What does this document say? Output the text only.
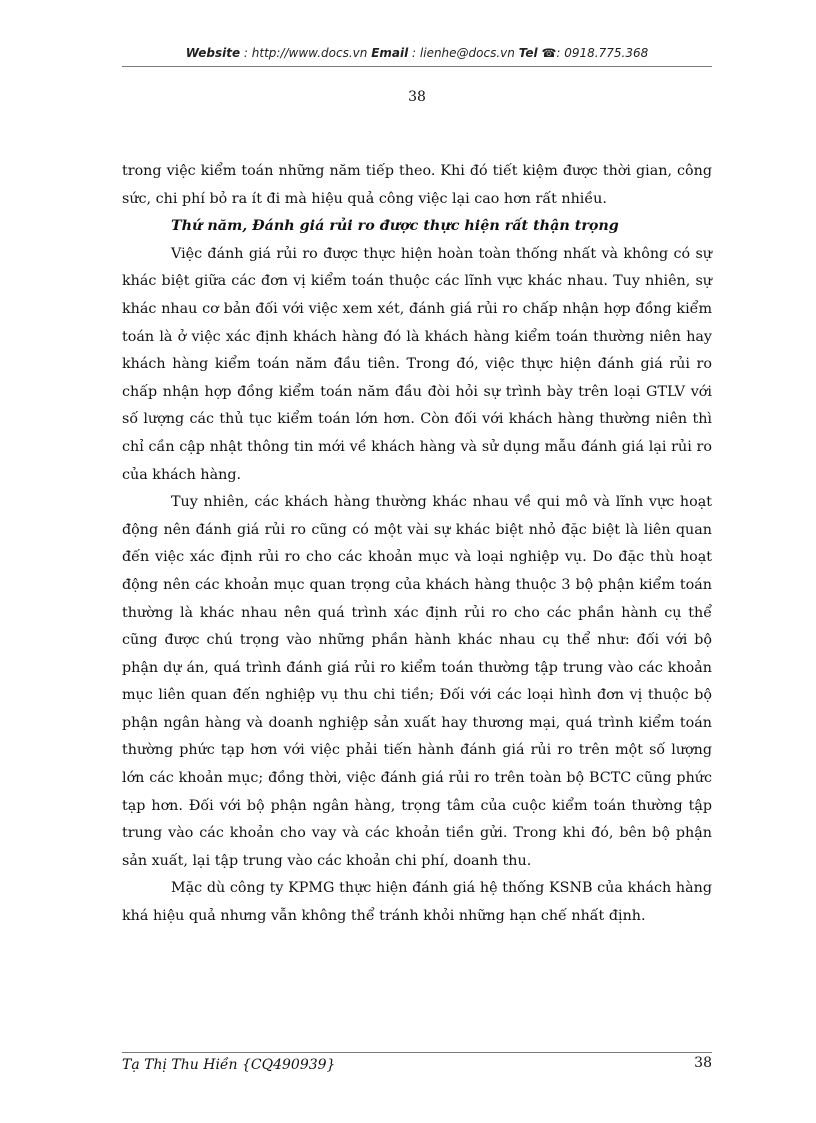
Website : http://www.docs.vn Email : lienhe@docs.vn Tel ☎: 0918.775.368
38

trong việc kiểm toán những năm tiếp theo. Khi đó tiết kiệm được thời gian, công sức, chi phí bỏ ra ít đi mà hiệu quả công việc lại cao hơn rất nhiều.

Thứ năm, Đánh giá rủi ro được thực hiện rất thận trọng

Việc đánh giá rủi ro được thực hiện hoàn toàn thống nhất và không có sự khác biệt giữa các đơn vị kiểm toán thuộc các lĩnh vực khác nhau. Tuy nhiên, sự khác nhau cơ bản đối với việc xem xét, đánh giá rủi ro chấp nhận hợp đồng kiểm toán là ở việc xác định khách hàng đó là khách hàng kiểm toán thường niên hay khách hàng kiểm toán năm đầu tiên. Trong đó, việc thực hiện đánh giá rủi ro chấp nhận hợp đồng kiểm toán năm đầu đòi hỏi sự trình bày trên loại GTLV với số lượng các thủ tục kiểm toán lớn hơn. Còn đối với khách hàng thường niên thì chỉ cần cập nhật thông tin mới về khách hàng và sử dụng mẫu đánh giá lại rủi ro của khách hàng.

Tuy nhiên, các khách hàng thường khác nhau về qui mô và lĩnh vực hoạt động nên đánh giá rủi ro cũng có một vài sự khác biệt nhỏ đặc biệt là liên quan đến việc xác định rủi ro cho các khoản mục và loại nghiệp vụ. Do đặc thù hoạt động nên các khoản mục quan trọng của khách hàng thuộc 3 bộ phận kiểm toán thường là khác nhau nên quá trình xác định rủi ro cho các phần hành cụ thể cũng được chú trọng vào những phần hành khác nhau cụ thể như: đối với bộ phận dự án, quá trình đánh giá rủi ro kiểm toán thường tập trung vào các khoản mục liên quan đến nghiệp vụ thu chi tiền; Đối với các loại hình đơn vị thuộc bộ phận ngân hàng và doanh nghiệp sản xuất hay thương mại, quá trình kiểm toán thường phức tạp hơn với việc phải tiến hành đánh giá rủi ro trên một số lượng lớn các khoản mục; đồng thời, việc đánh giá rủi ro trên toàn bộ BCTC cũng phức tạp hơn. Đối với bộ phận ngân hàng, trọng tâm của cuộc kiểm toán thường tập trung vào các khoản cho vay và các khoản tiền gửi. Trong khi đó, bên bộ phận sản xuất, lại tập trung vào các khoản chi phí, doanh thu.

Mặc dù công ty KPMG thực hiện đánh giá hệ thống KSNB của khách hàng khá hiệu quả nhưng vẫn không thể tránh khỏi những hạn chế nhất định.

Tạ Thị Thu Hiền {CQ490939}	38
